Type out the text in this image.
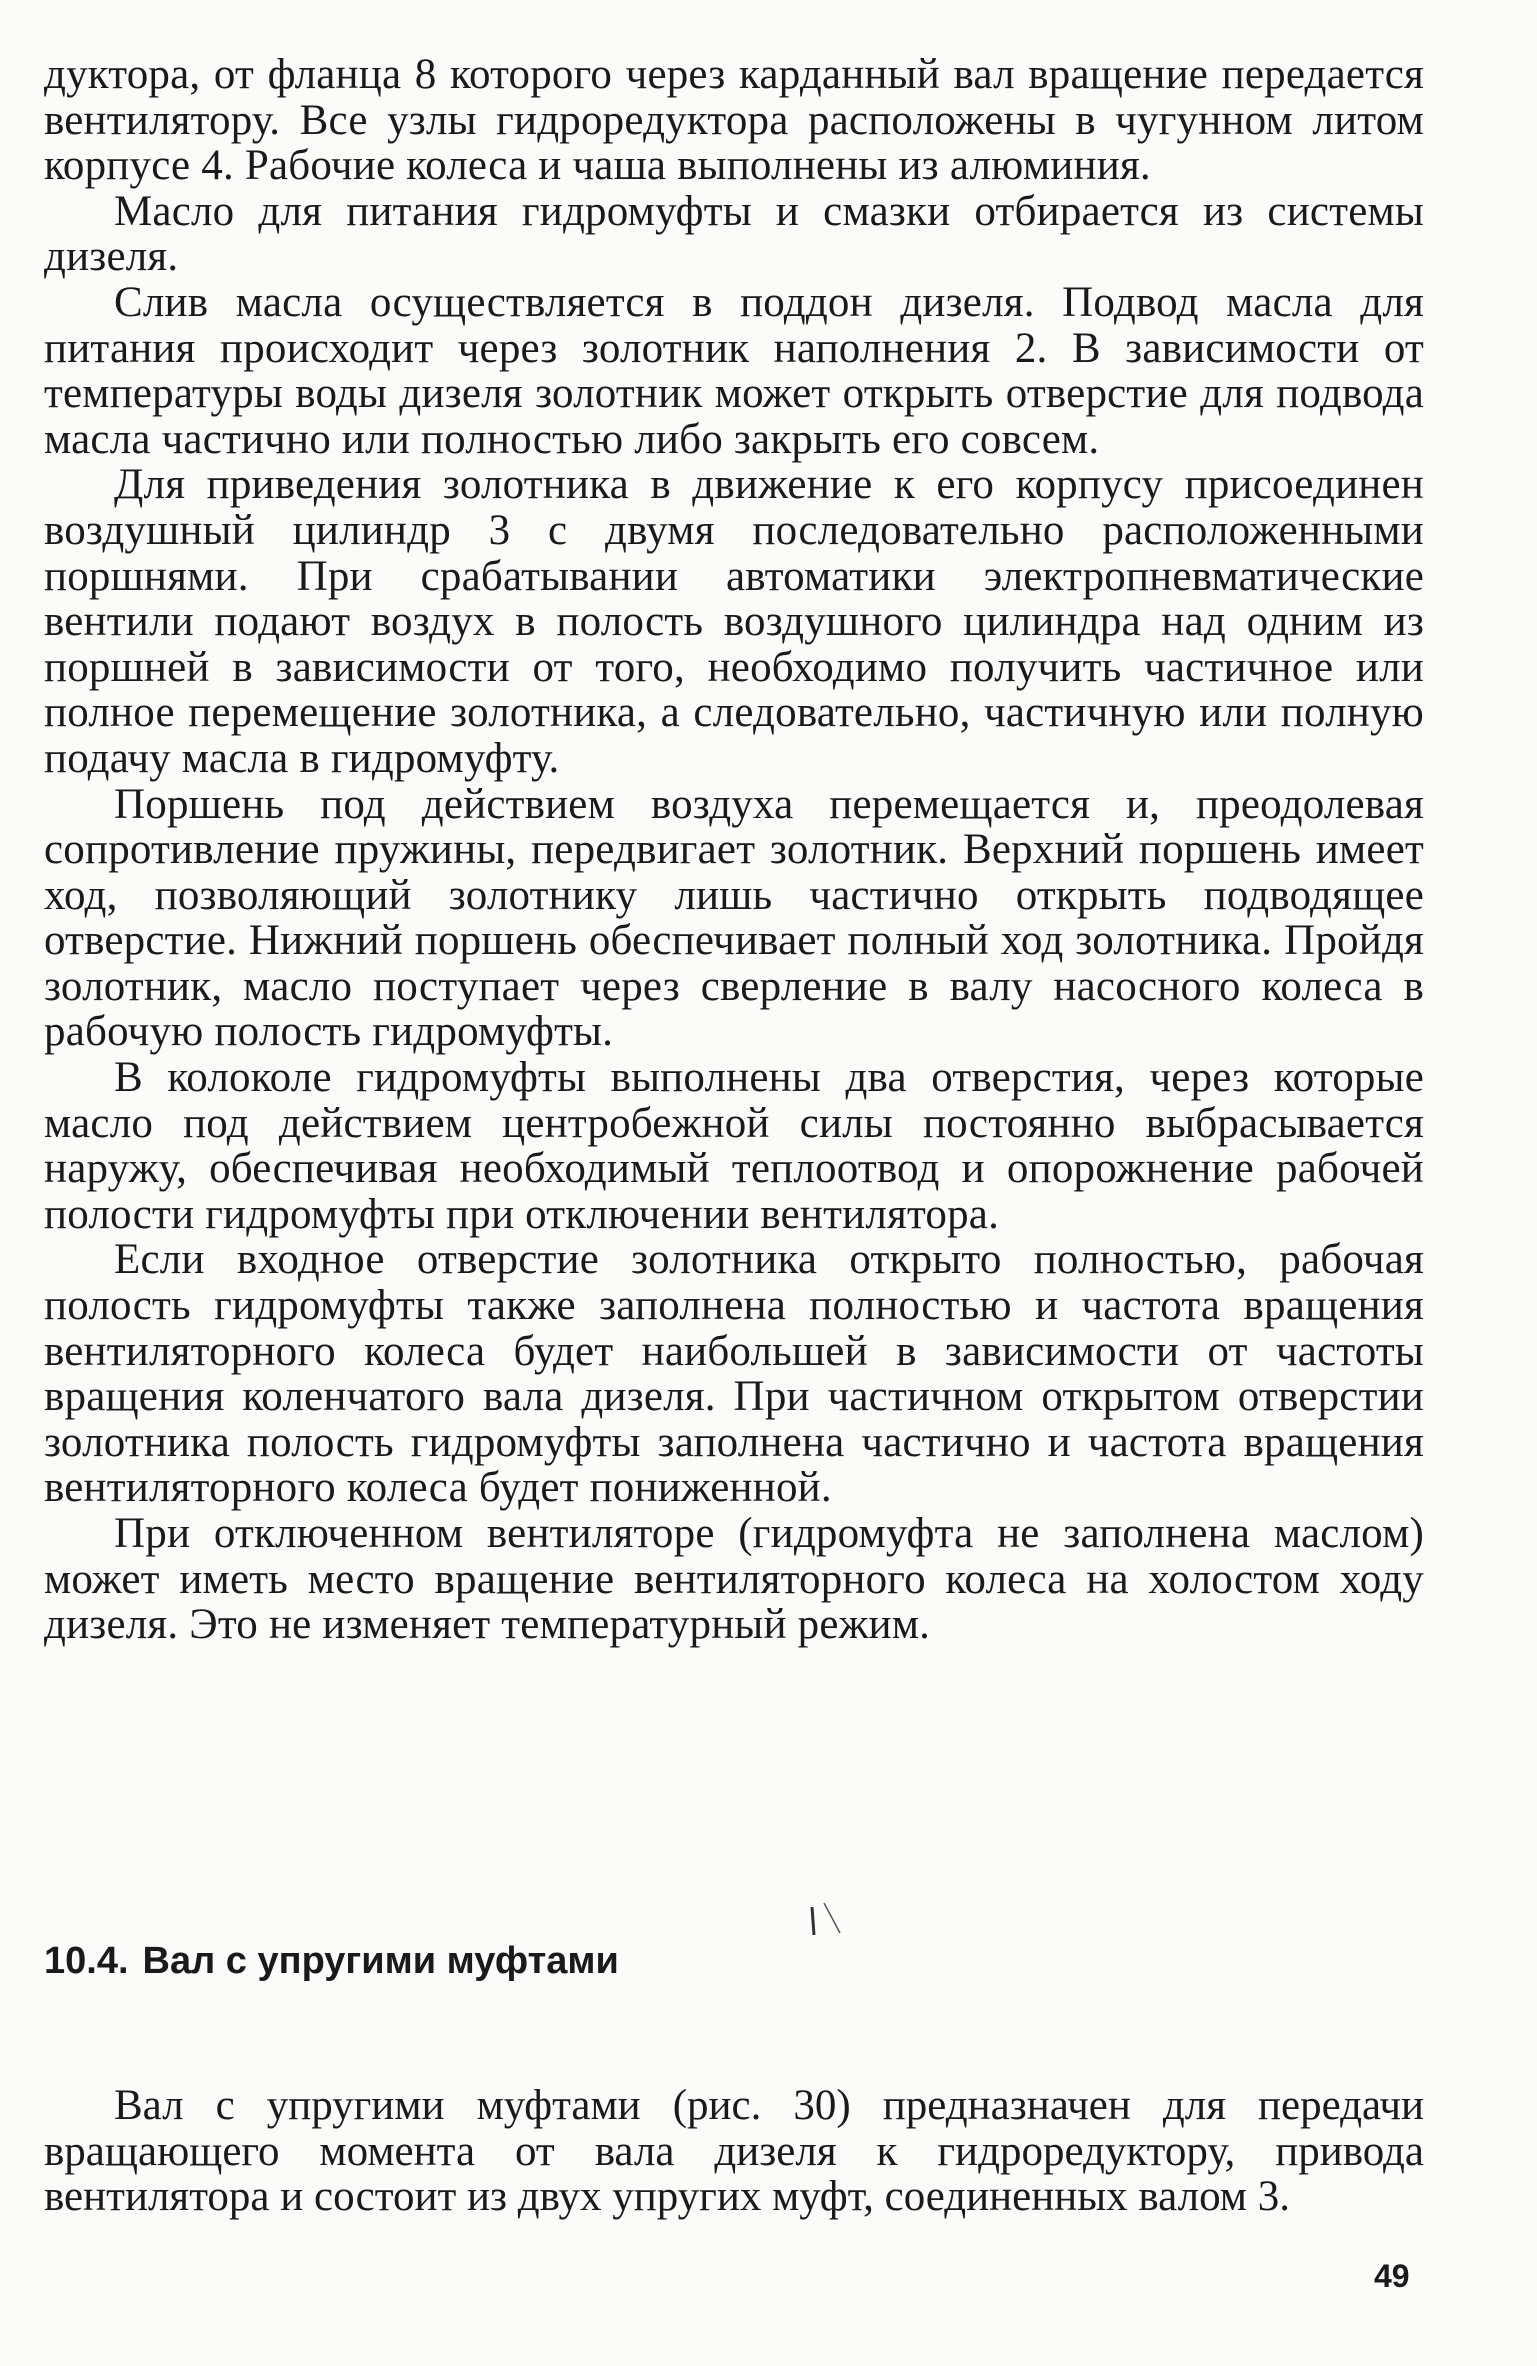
дуктора, от фланца 8 которого через карданный вал вращение передается вентилятору. Все узлы гидроредуктора расположены в чугунном литом корпусе 4. Рабочие колеса и чаша выполнены из алюминия.

Масло для питания гидромуфты и смазки отбирается из системы дизеля.

Слив масла осуществляется в поддон дизеля. Подвод масла для питания происходит через золотник наполнения 2. В зависимости от температуры воды дизеля золотник может открыть отверстие для подвода масла частично или полностью либо закрыть его совсем.

Для приведения золотника в движение к его корпусу присоединен воздушный цилиндр 3 с двумя последовательно расположенными поршнями. При срабатывании автоматики электропневматические вентили подают воздух в полость воздушного цилиндра над одним из поршней в зависимости от того, необходимо получить частичное или полное перемещение золотника, а следовательно, частичную или полную подачу масла в гидромуфту.

Поршень под действием воздуха перемещается и, преодолевая сопротивление пружины, передвигает золотник. Верхний поршень имеет ход, позволяющий золотнику лишь частично открыть подводящее отверстие. Нижний поршень обеспечивает полный ход золотника. Пройдя золотник, масло поступает через сверление в валу насосного колеса в рабочую полость гидромуфты.

В колоколе гидромуфты выполнены два отверстия, через которые масло под действием центробежной силы постоянно выбрасывается наружу, обеспечивая необходимый теплоотвод и опорожнение рабочей полости гидромуфты при отключении вентилятора.

Если входное отверстие золотника открыто полностью, рабочая полость гидромуфты также заполнена полностью и частота вращения вентиляторного колеса будет наибольшей в зависимости от частоты вращения коленчатого вала дизеля. При частичном открытом отверстии золотника полость гидромуфты заполнена частично и частота вращения вентиляторного колеса будет пониженной.

При отключенном вентиляторе (гидромуфта не заполнена маслом) может иметь место вращение вентиляторного колеса на холостом ходу дизеля. Это не изменяет температурный режим.

10.4. Вал с упругими муфтами

Вал с упругими муфтами (рис. 30) предназначен для передачи вращающего момента от вала дизеля к гидроредуктору, привода вентилятора и состоит из двух упругих муфт, соединенных валом 3.

49
